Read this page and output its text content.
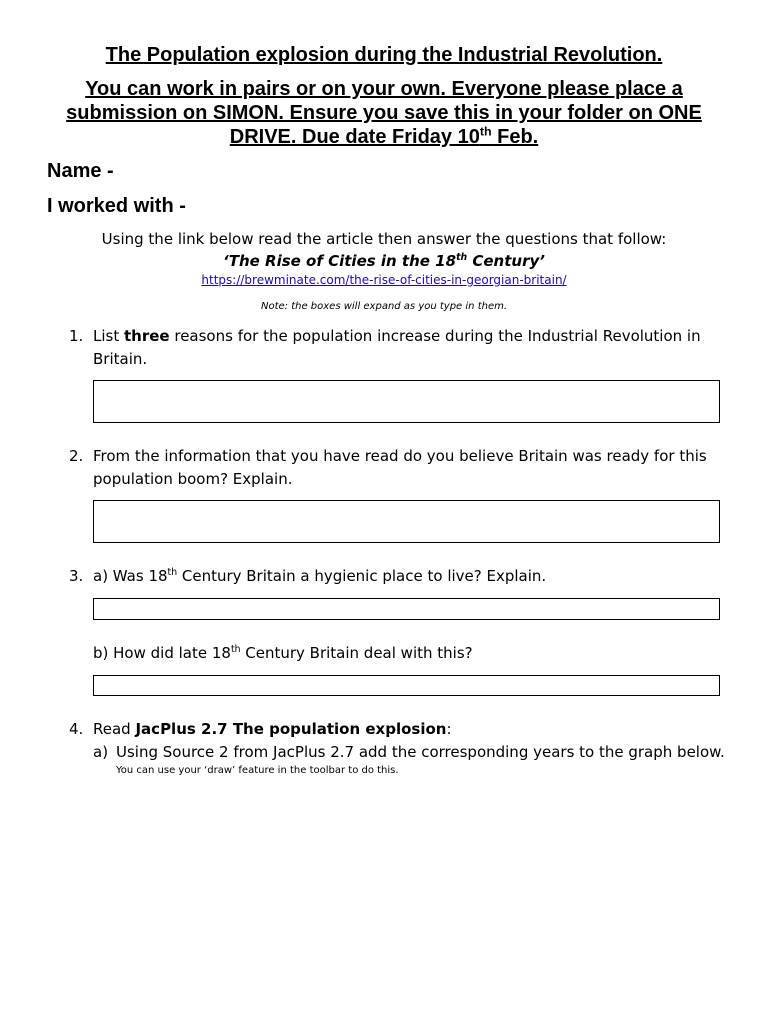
The Population explosion during the Industrial Revolution.
You can work in pairs or on your own. Everyone please place a
submission on SIMON. Ensure you save this in your folder on ONE
DRIVE. Due date Friday 10th Feb.
Name -
I worked with -
Using the link below read the article then answer the questions that follow:
‘The Rise of Cities in the 18th Century’
https://brewminate.com/the-rise-of-cities-in-georgian-britain/
Note: the boxes will expand as you type in them.
1. List three reasons for the population increase during the Industrial Revolution in
Britain.
2. From the information that you have read do you believe Britain was ready for this
population boom? Explain.
3. a) Was 18th Century Britain a hygienic place to live? Explain.
b) How did late 18th Century Britain deal with this?
4. Read JacPlus 2.7 The population explosion:
a) Using Source 2 from JacPlus 2.7 add the corresponding years to the graph below.
You can use your ‘draw’ feature in the toolbar to do this.
